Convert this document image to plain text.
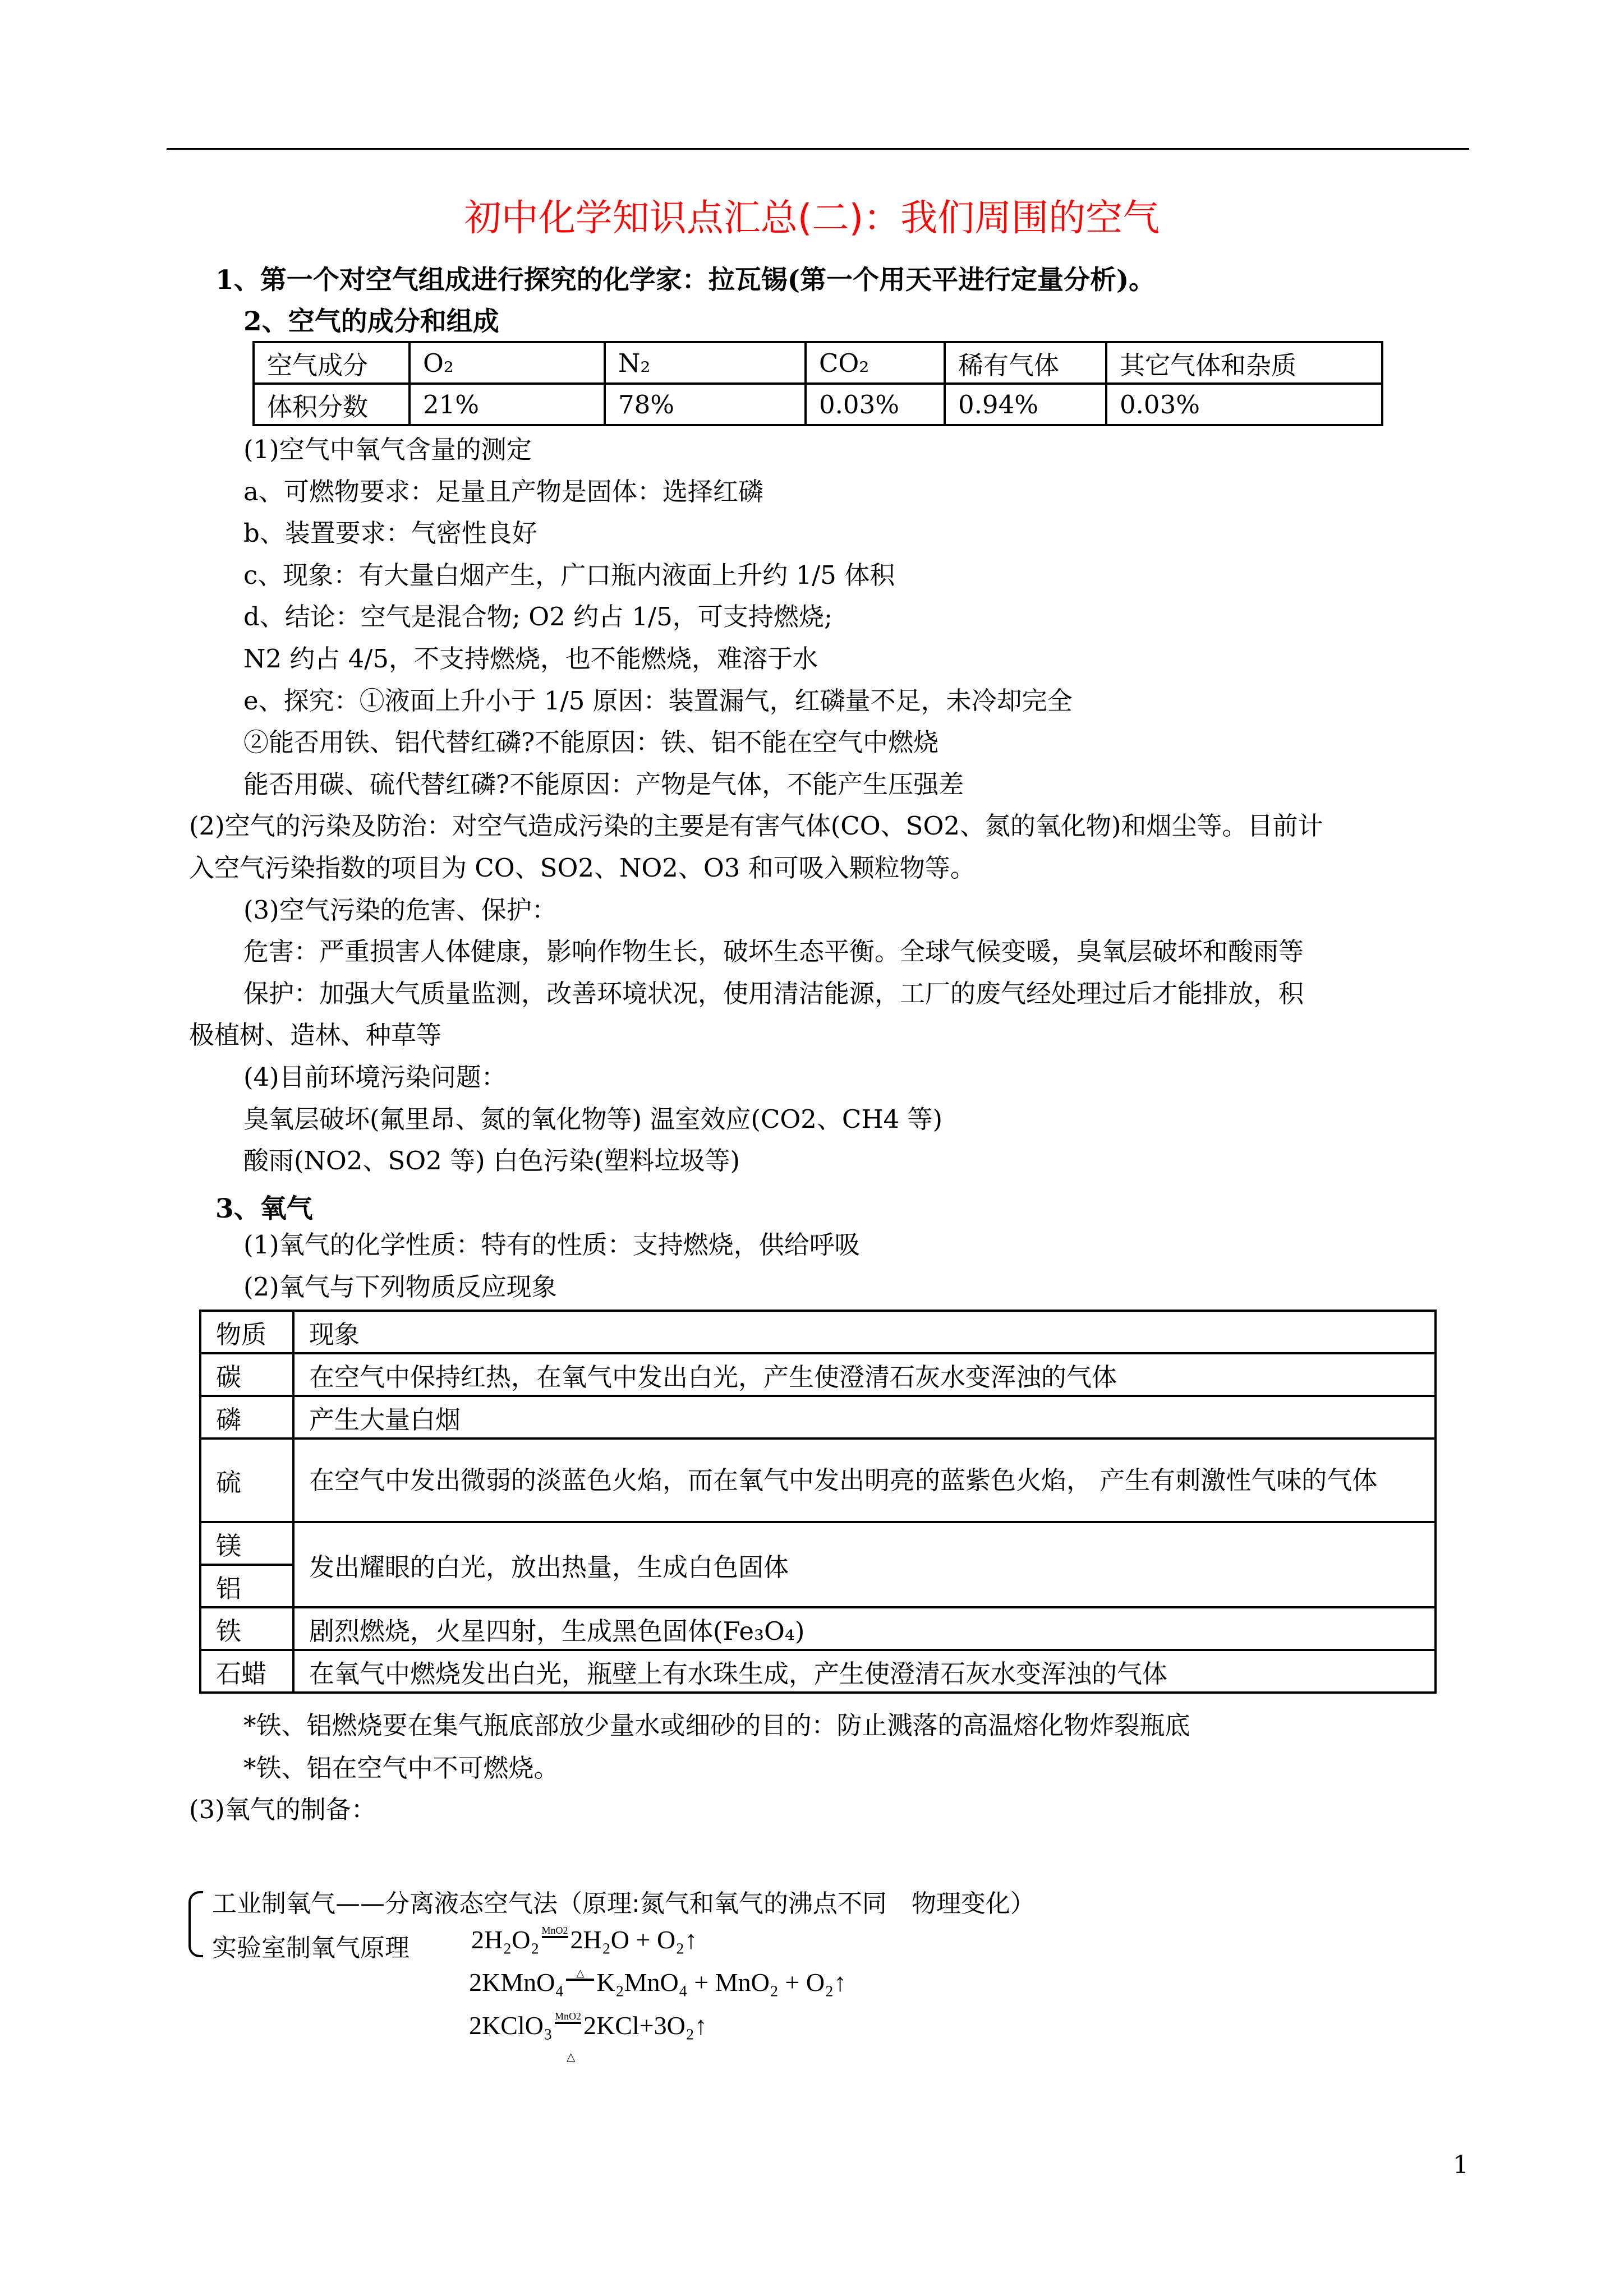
初中化学知识点汇总(二)：我们周围的空气
1、第一个对空气组成进行探究的化学家：拉瓦锡(第一个用天平进行定量分析)。
2、空气的成分和组成
空气成分	O₂	N₂	CO₂	稀有气体	其它气体和杂质
体积分数	21%	78%	0.03%	0.94%	0.03%
(1)空气中氧气含量的测定
a、可燃物要求：足量且产物是固体：选择红磷
b、装置要求：气密性良好
c、现象：有大量白烟产生，广口瓶内液面上升约 1/5 体积
d、结论：空气是混合物; O2 约占 1/5，可支持燃烧;
N2 约占 4/5，不支持燃烧，也不能燃烧，难溶于水
e、探究：①液面上升小于 1/5 原因：装置漏气，红磷量不足，未冷却完全
②能否用铁、铝代替红磷?不能原因：铁、铝不能在空气中燃烧
能否用碳、硫代替红磷?不能原因：产物是气体，不能产生压强差
(2)空气的污染及防治：对空气造成污染的主要是有害气体(CO、SO2、氮的氧化物)和烟尘等。目前计
入空气污染指数的项目为 CO、SO2、NO2、O3 和可吸入颗粒物等。
(3)空气污染的危害、保护：
危害：严重损害人体健康，影响作物生长，破坏生态平衡。全球气候变暖，臭氧层破坏和酸雨等
保护：加强大气质量监测，改善环境状况，使用清洁能源，工厂的废气经处理过后才能排放，积
极植树、造林、种草等
(4)目前环境污染问题：
臭氧层破坏(氟里昂、氮的氧化物等) 温室效应(CO2、CH4 等)
酸雨(NO2、SO2 等) 白色污染(塑料垃圾等)
3、氧气
(1)氧气的化学性质：特有的性质：支持燃烧，供给呼吸
(2)氧气与下列物质反应现象
物质	现象
碳	在空气中保持红热，在氧气中发出白光，产生使澄清石灰水变浑浊的气体
磷	产生大量白烟
硫	在空气中发出微弱的淡蓝色火焰，而在氧气中发出明亮的蓝紫色火焰， 产生有刺激性气味的气体
镁	发出耀眼的白光，放出热量，生成白色固体
铝	
铁	剧烈燃烧，火星四射，生成黑色固体(Fe₃O₄)
石蜡	在氧气中燃烧发出白光，瓶壁上有水珠生成，产生使澄清石灰水变浑浊的气体
*铁、铝燃烧要在集气瓶底部放少量水或细砂的目的：防止溅落的高温熔化物炸裂瓶底
*铁、铝在空气中不可燃烧。
(3)氧气的制备：
工业制氧气——分离液态空气法（原理:氮气和氧气的沸点不同　物理变化）
实验室制氧气原理 2H₂O₂ MnO22H₂O + O₂↑
2KMnO₄ △ K₂MnO₄ + MnO₂ + O₂↑
2KClO₃ MnO22KCl+3O₂↑
△
1
